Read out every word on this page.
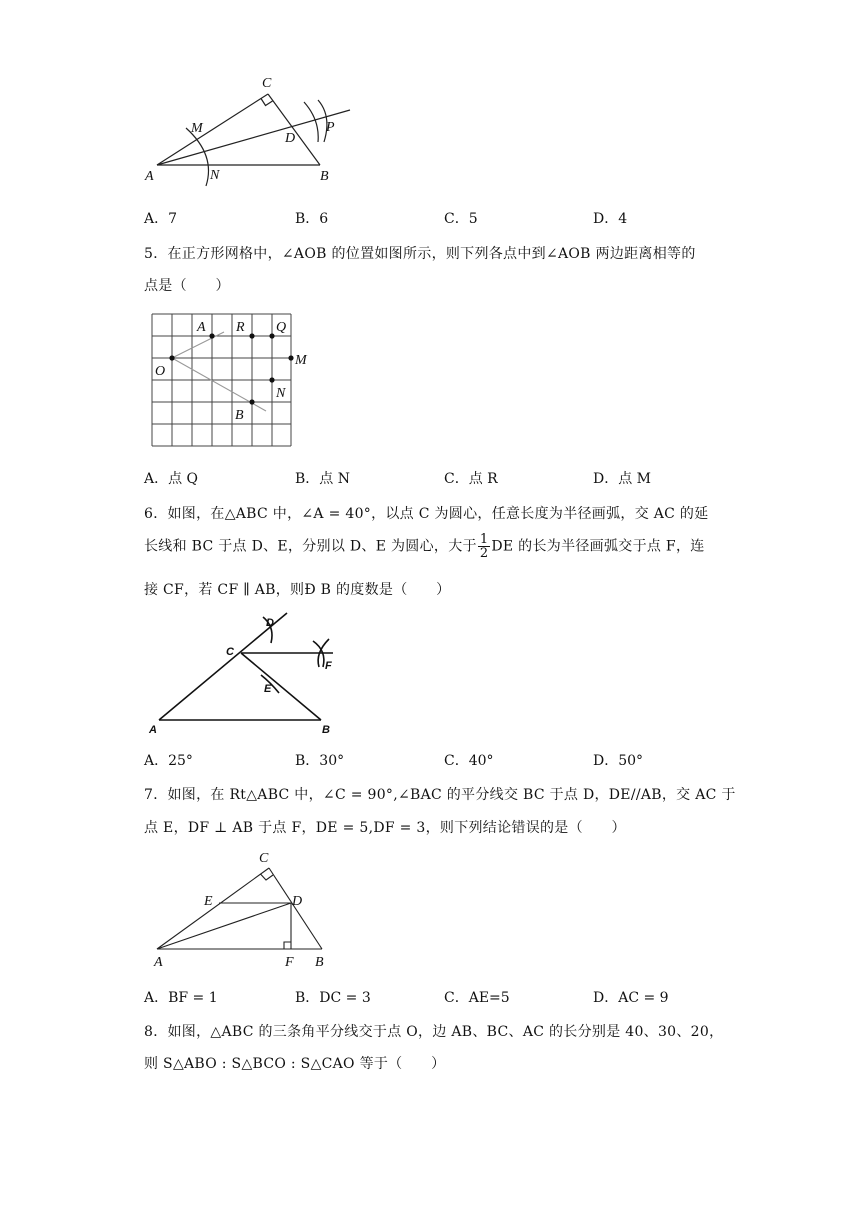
C
M
D
P
A	N	B
A．7	B．6	C．5	D．4
5．在正方形网格中，∠AOB 的位置如图所示，则下列各点中到∠AOB 两边距离相等的
点是（　　）
A R Q
O
M
N
B
A．点 Q	B．点 N	C．点 R	D．点 M
6．如图，在△ABC 中，∠A = 40°，以点 C 为圆心，任意长度为半径画弧，交 AC 的延
长线和 BC 于点 D、E，分别以 D、E 为圆心，大于 $\frac{1}{2}$ DE 的长为半径画弧交于点 F，连
接 CF，若 CF ∥ AB，则Ð B 的度数是（　　）
D
C
F
E
A	B
A．25°	B．30°	C．40°	D．50°
7．如图，在 Rt△ABC 中，∠C = 90°,∠BAC 的平分线交 BC 于点 D，DE//AB，交 AC 于
点 E，DF ⊥ AB 于点 F，DE = 5,DF = 3，则下列结论错误的是（　　）
C
E	D
A	F B
A．BF = 1	B．DC = 3	C．AE=5	D．AC = 9
8．如图，△ABC 的三条角平分线交于点 O，边 AB、BC、AC 的长分别是 40、30、20，
则 S△ABO : S△BCO : S△CAO 等于（　　）
